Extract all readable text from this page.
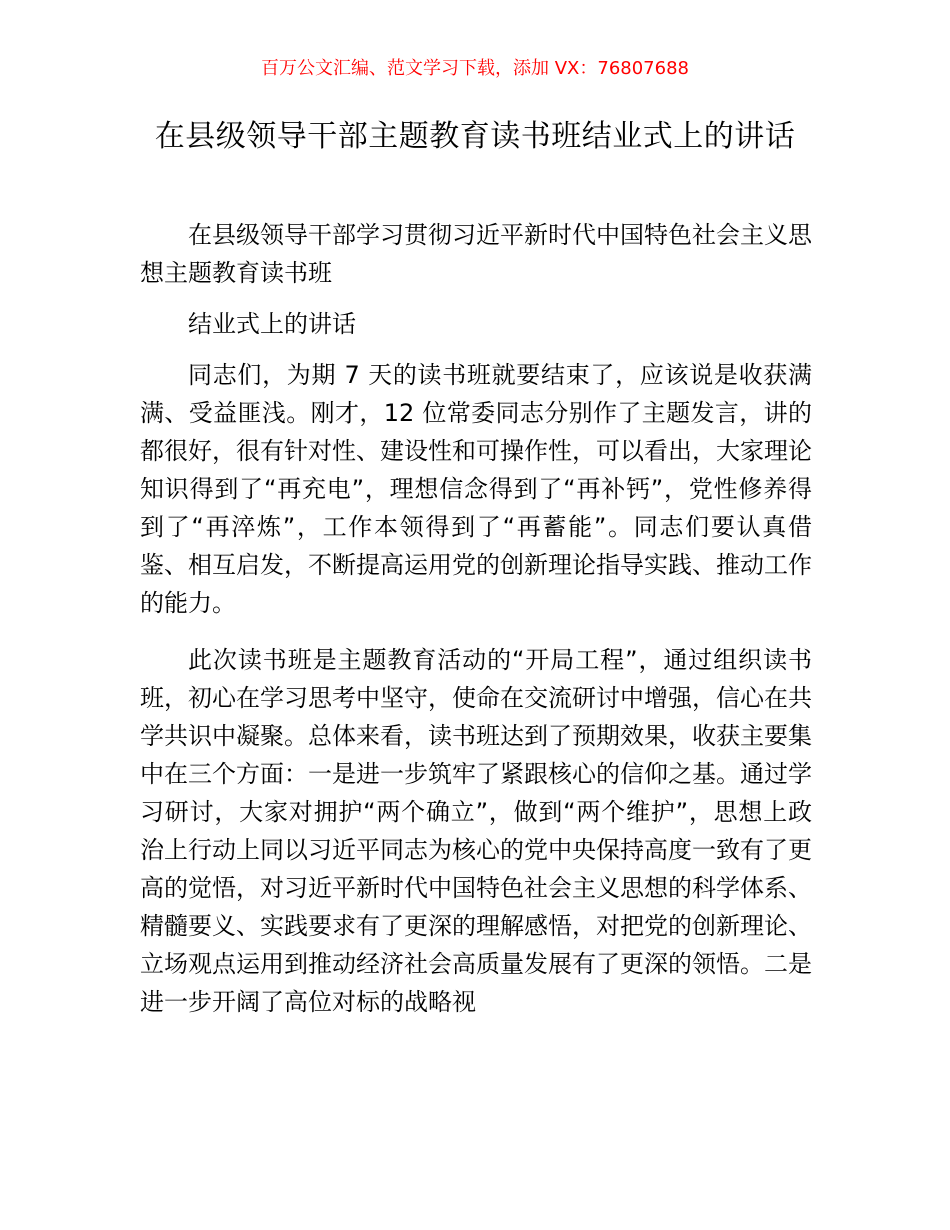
百万公文汇编、范文学习下载，添加 VX：76807688
在县级领导干部主题教育读书班结业式上的讲话

在县级领导干部学习贯彻习近平新时代中国特色社会主义思想主题教育读书班

结业式上的讲话

同志们，为期 7 天的读书班就要结束了，应该说是收获满满、受益匪浅。刚才，12 位常委同志分别作了主题发言，讲的都很好，很有针对性、建设性和可操作性，可以看出，大家理论知识得到了“再充电”，理想信念得到了“再补钙”，党性修养得到了“再淬炼”，工作本领得到了“再蓄能”。同志们要认真借鉴、相互启发，不断提高运用党的创新理论指导实践、推动工作的能力。

此次读书班是主题教育活动的“开局工程”，通过组织读书班，初心在学习思考中坚守，使命在交流研讨中增强，信心在共学共识中凝聚。总体来看，读书班达到了预期效果，收获主要集中在三个方面：一是进一步筑牢了紧跟核心的信仰之基。通过学习研讨，大家对拥护“两个确立”，做到“两个维护”，思想上政治上行动上同以习近平同志为核心的党中央保持高度一致有了更高的觉悟，对习近平新时代中国特色社会主义思想的科学体系、精髓要义、实践要求有了更深的理解感悟，对把党的创新理论、立场观点运用到推动经济社会高质量发展有了更深的领悟。二是进一步开阔了高位对标的战略视
